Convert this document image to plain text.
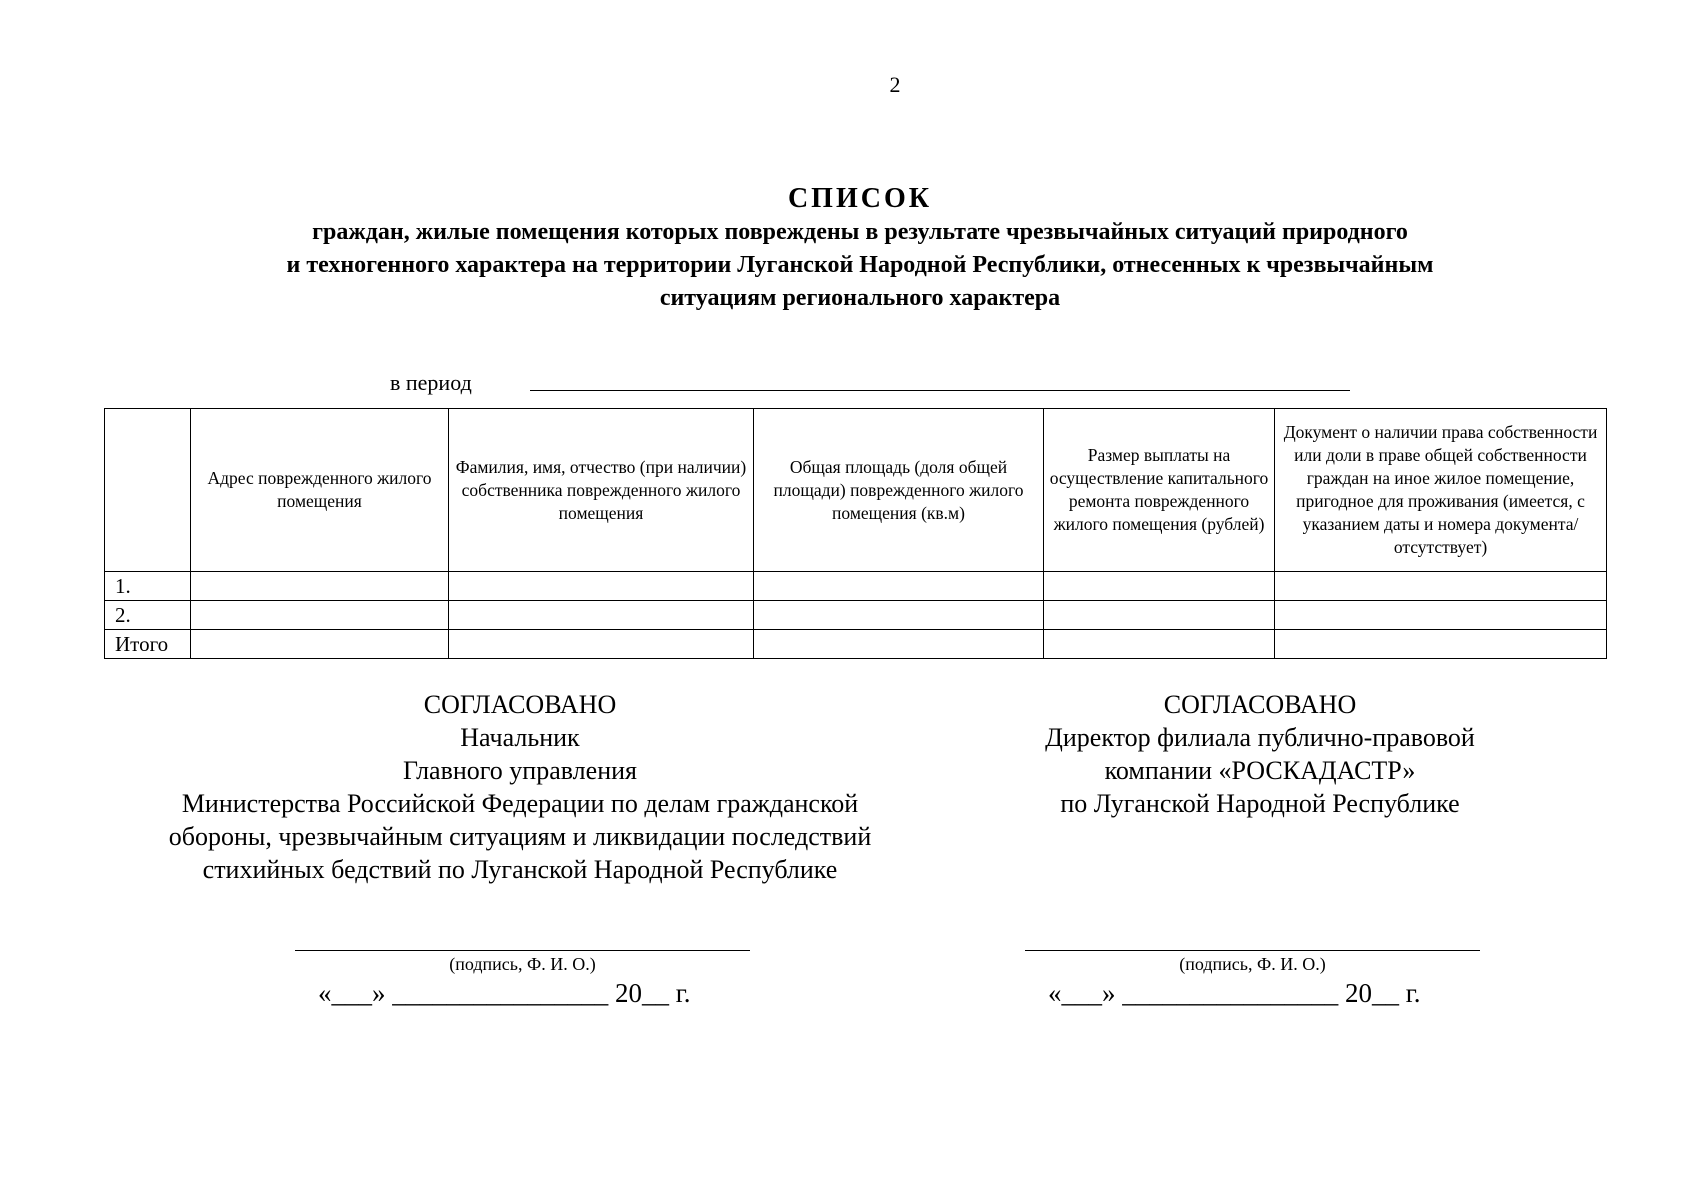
2
СПИСОК
граждан, жилые помещения которых повреждены в результате чрезвычайных ситуаций природного
и техногенного характера на территории Луганской Народной Республики, отнесенных к чрезвычайным
ситуациям регионального характера
в период
	Адрес поврежденного жилого помещения	Фамилия, имя, отчество (при наличии) собственника поврежденного жилого помещения	Общая площадь (доля общей площади) поврежденного жилого помещения (кв.м)	Размер выплаты на осуществление капитального ремонта поврежденного жилого помещения (рублей)	Документ о наличии права собственности или доли в праве общей собственности граждан на иное жилое помещение, пригодное для проживания (имеется, с указанием даты и номера документа/ отсутствует)
1.					
2.					
Итого					
СОГЛАСОВАНО
Начальник
Главного управления
Министерства Российской Федерации по делам гражданской
обороны, чрезвычайным ситуациям и ликвидации последствий
стихийных бедствий по Луганской Народной Республике
СОГЛАСОВАНО
Директор филиала публично-правовой
компании «РОСКАДАСТР»
по Луганской Народной Республике
(подпись, Ф. И. О.)
«___» ________________ 20__ г.
(подпись, Ф. И. О.)
«___» ________________ 20__ г.
